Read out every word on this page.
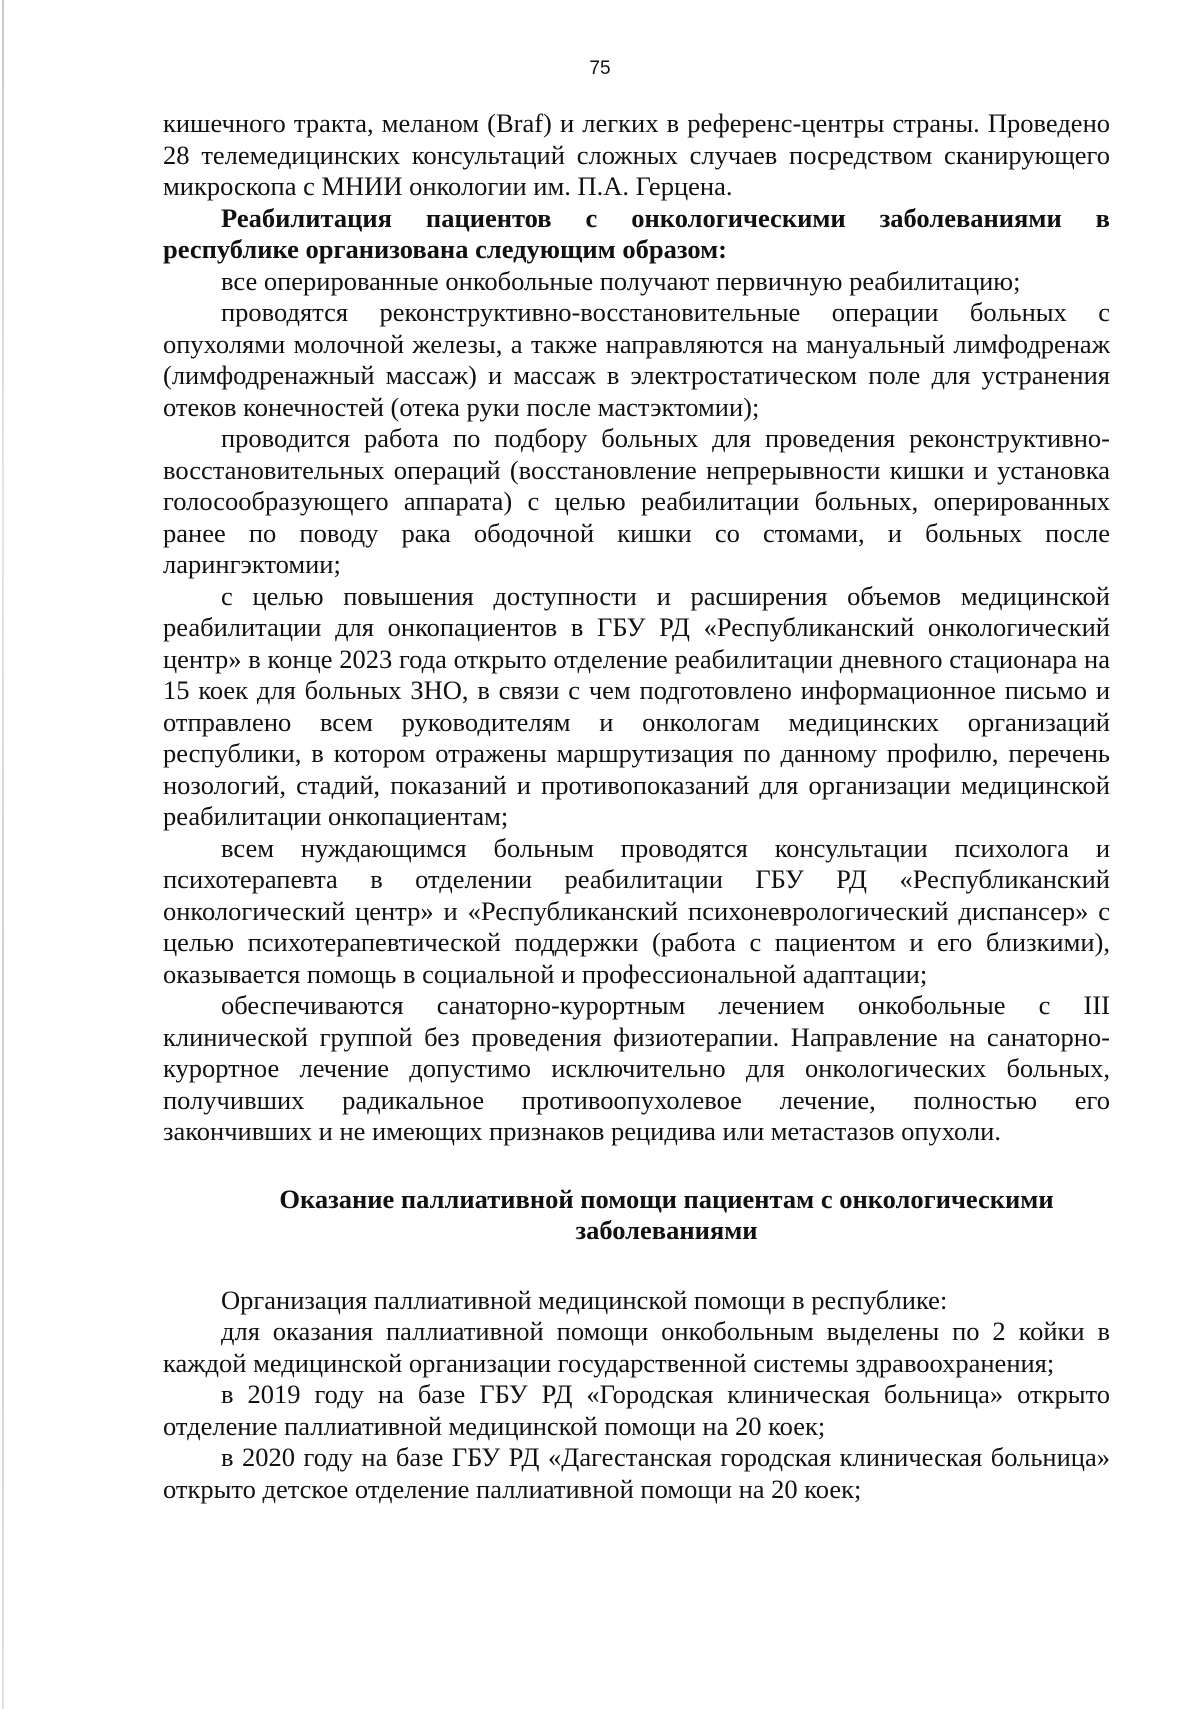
75

кишечного тракта, меланом (Braf) и легких в референс-центры страны. Проведено 28 телемедицинских консультаций сложных случаев посредством сканирующего микроскопа с МНИИ онкологии им. П.А. Герцена.

Реабилитация пациентов с онкологическими заболеваниями в республике организована следующим образом:

все оперированные онкобольные получают первичную реабилитацию;

проводятся реконструктивно-восстановительные операции больных с опухолями молочной железы, а также направляются на мануальный лимфодренаж (лимфодренажный массаж) и массаж в электростатическом поле для устранения отеков конечностей (отека руки после мастэктомии);

проводится работа по подбору больных для проведения реконструктивно-восстановительных операций (восстановление непрерывности кишки и установка голосообразующего аппарата) с целью реабилитации больных, оперированных ранее по поводу рака ободочной кишки со стомами, и больных после ларингэктомии;

с целью повышения доступности и расширения объемов медицинской реабилитации для онкопациентов в ГБУ РД «Республиканский онкологический центр» в конце 2023 года открыто отделение реабилитации дневного стационара на 15 коек для больных ЗНО, в связи с чем подготовлено информационное письмо и отправлено всем руководителям и онкологам медицинских организаций республики, в котором отражены маршрутизация по данному профилю, перечень нозологий, стадий, показаний и противопоказаний для организации медицинской реабилитации онкопациентам;

всем нуждающимся больным проводятся консультации психолога и психотерапевта в отделении реабилитации ГБУ РД «Республиканский онкологический центр» и «Республиканский психоневрологический диспансер» с целью психотерапевтической поддержки (работа с пациентом и его близкими), оказывается помощь в социальной и профессиональной адаптации;

обеспечиваются санаторно-курортным лечением онкобольные с III клинической группой без проведения физиотерапии. Направление на санаторно-курортное лечение допустимо исключительно для онкологических больных, получивших радикальное противоопухолевое лечение, полностью его закончивших и не имеющих признаков рецидива или метастазов опухоли.

Оказание паллиативной помощи пациентам с онкологическими
заболеваниями

Организация паллиативной медицинской помощи в республике:

для оказания паллиативной помощи онкобольным выделены по 2 койки в каждой медицинской организации государственной системы здравоохранения;

в 2019 году на базе ГБУ РД «Городская клиническая больница» открыто отделение паллиативной медицинской помощи на 20 коек;

в 2020 году на базе ГБУ РД «Дагестанская городская клиническая больница» открыто детское отделение паллиативной помощи на 20 коек;
